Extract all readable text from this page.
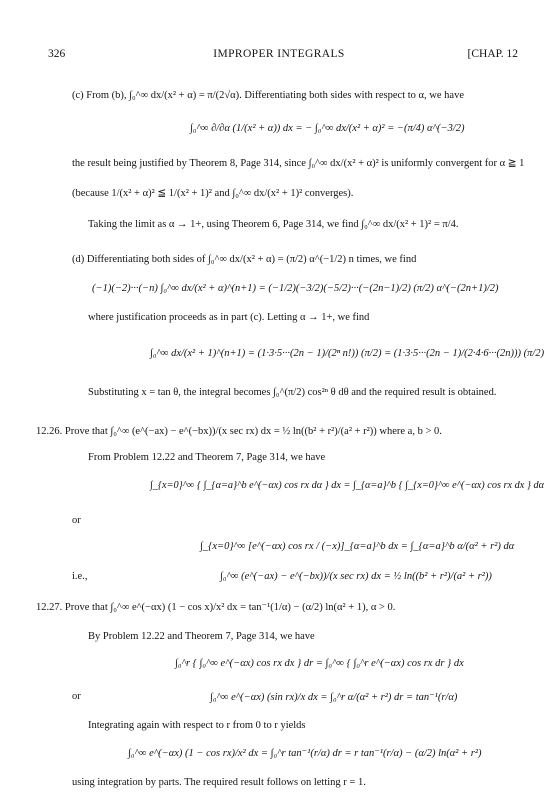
326	IMPROPER INTEGRALS	[CHAP. 12
(c) From (b), ∫₀^∞ dx/(x² + α) = π/(2√α). Differentiating both sides with respect to α, we have
∫₀^∞ ∂/∂α (1/(x² + α)) dx = − ∫₀^∞ dx/(x² + α)² = −(π/4) α^(−3/2)
the result being justified by Theorem 8, Page 314, since ∫₀^∞ dx/(x² + α)² is uniformly convergent for α ≧ 1
(because 1/(x² + α)² ≦ 1/(x² + 1)² and ∫₀^∞ dx/(x² + 1)² converges).
Taking the limit as α → 1+, using Theorem 6, Page 314, we find ∫₀^∞ dx/(x² + 1)² = π/4.
(d) Differentiating both sides of ∫₀^∞ dx/(x² + α) = (π/2) α^(−1/2) n times, we find
(−1)(−2)···(−n) ∫₀^∞ dx/(x² + α)^(n+1) = (−1/2)(−3/2)(−5/2)···(−(2n−1)/2) (π/2) α^(−(2n+1)/2)
where justification proceeds as in part (c). Letting α → 1+, we find
∫₀^∞ dx/(x² + 1)^(n+1) = (1·3·5···(2n − 1)/(2ⁿ n!)) (π/2) = (1·3·5···(2n − 1)/(2·4·6···(2n))) (π/2)
Substituting x = tan θ, the integral becomes ∫₀^(π/2) cos²ⁿ θ dθ and the required result is obtained.
12.26. Prove that ∫₀^∞ (e^(−ax) − e^(−bx))/(x sec rx) dx = ½ ln((b² + r²)/(a² + r²)) where a, b > 0.
From Problem 12.22 and Theorem 7, Page 314, we have
∫_{x=0}^∞ { ∫_{α=a}^b e^(−αx) cos rx dα } dx = ∫_{α=a}^b { ∫_{x=0}^∞ e^(−αx) cos rx dx } dα
or
∫_{x=0}^∞ [e^(−αx) cos rx / (−x)]_{α=a}^b dx = ∫_{α=a}^b α/(α² + r²) dα
i.e.,	∫₀^∞ (e^(−ax) − e^(−bx))/(x sec rx) dx = ½ ln((b² + r²)/(a² + r²))
12.27. Prove that ∫₀^∞ e^(−αx) (1 − cos x)/x² dx = tan⁻¹(1/α) − (α/2) ln(α² + 1), α > 0.
By Problem 12.22 and Theorem 7, Page 314, we have
∫₀^r { ∫₀^∞ e^(−αx) cos rx dx } dr = ∫₀^∞ { ∫₀^r e^(−αx) cos rx dr } dx
or	∫₀^∞ e^(−αx) (sin rx)/x dx = ∫₀^r α/(α² + r²) dr = tan⁻¹(r/α)
Integrating again with respect to r from 0 to r yields
∫₀^∞ e^(−αx) (1 − cos rx)/x² dx = ∫₀^r tan⁻¹(r/α) dr = r tan⁻¹(r/α) − (α/2) ln(α² + r²)
using integration by parts. The required result follows on letting r = 1.
